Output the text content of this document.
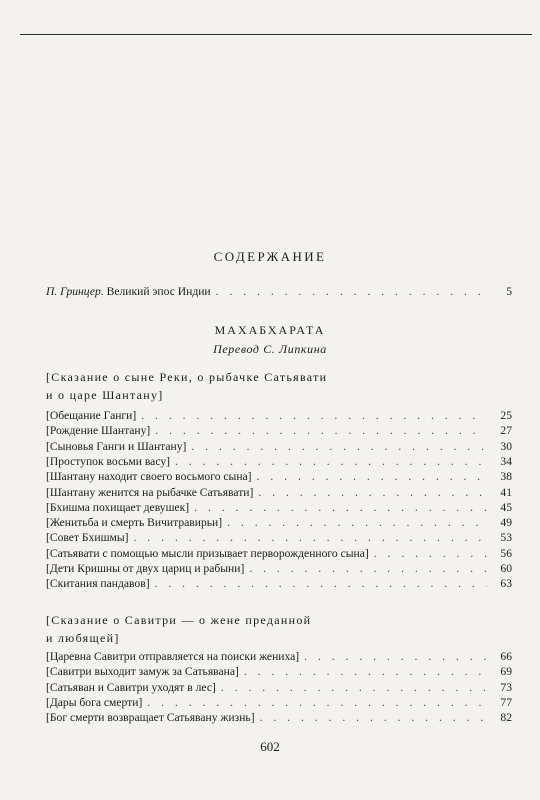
СОДЕРЖАНИЕ
П. Гринцер. Великий эпос Индии . . .	5
МАХАБХАРАТА
Перевод С. Липкина
[Сказание о сыне Реки, о рыбачке Сатьявати
и о царе Шантану]
[Обещание Ганги] . . .	25
[Рождение Шантану] . . .	27
[Сыновья Ганги и Шантану] . . .	30
[Проступок восьми васу] . . .	34
[Шантану находит своего восьмого сына] . . .	38
[Шантану женится на рыбачке Сатьявати] . . .	41
[Бхишма похищает девушек] . . .	45
[Женитьба и смерть Вичитравирьи] . . .	49
[Совет Бхишмы] . . .	53
[Сатьявати с помощью мысли призывает перворожденного сына] . . .	56
[Дети Кришны от двух цариц и рабыни] . . .	60
[Скитания пандавов] . . .	63
[Сказание о Савитри — о жене преданной
и любящей]
[Царевна Савитри отправляется на поиски жениха] . . .	66
[Савитри выходит замуж за Сатьявана] . . .	69
[Сатьяван и Савитри уходят в лес] . . .	73
[Дары бога смерти] . . .	77
[Бог смерти возвращает Сатьявану жизнь] . . .	82
602
